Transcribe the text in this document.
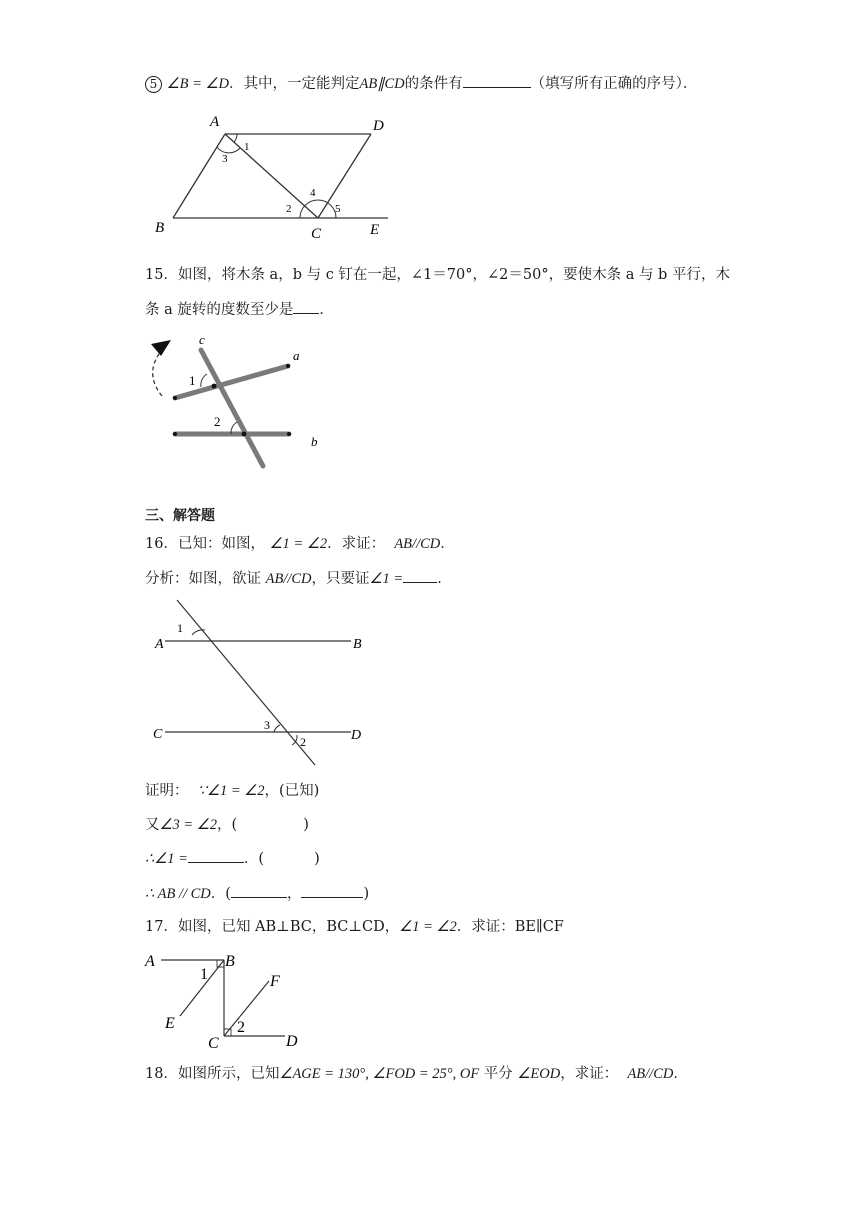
5 ∠B = ∠D．其中，一定能判定AB∥CD的条件有	（填写所有正确的序号）．
A	D
B	C	E
1
3
2
4
5
15．如图，将木条 a，b 与 c 钉在一起，∠1＝70°，∠2＝50°，要使木条 a 与 b 平行，木
条 a 旋转的度数至少是 ．
c
a
b
1
2
三、解答题
16．已知：如图， ∠1 = ∠2．求证： AB//CD．
分析：如图，欲证 AB//CD，只要证∠1 = ．
A	B
C	D
1
3
2
证明： ∵∠1 = ∠2，(已知)
又∠3 = ∠2，(	)
∴∠1 =	．(	)
∴ AB // CD．(	，	)
17．如图，已知 AB⊥BC，BC⊥CD，∠1 = ∠2．求证：BE∥CF
A	B
E
C
F
D
1
2
18．如图所示，已知∠AGE = 130°, ∠FOD = 25°, OF 平分 ∠EOD，求证： AB//CD．
